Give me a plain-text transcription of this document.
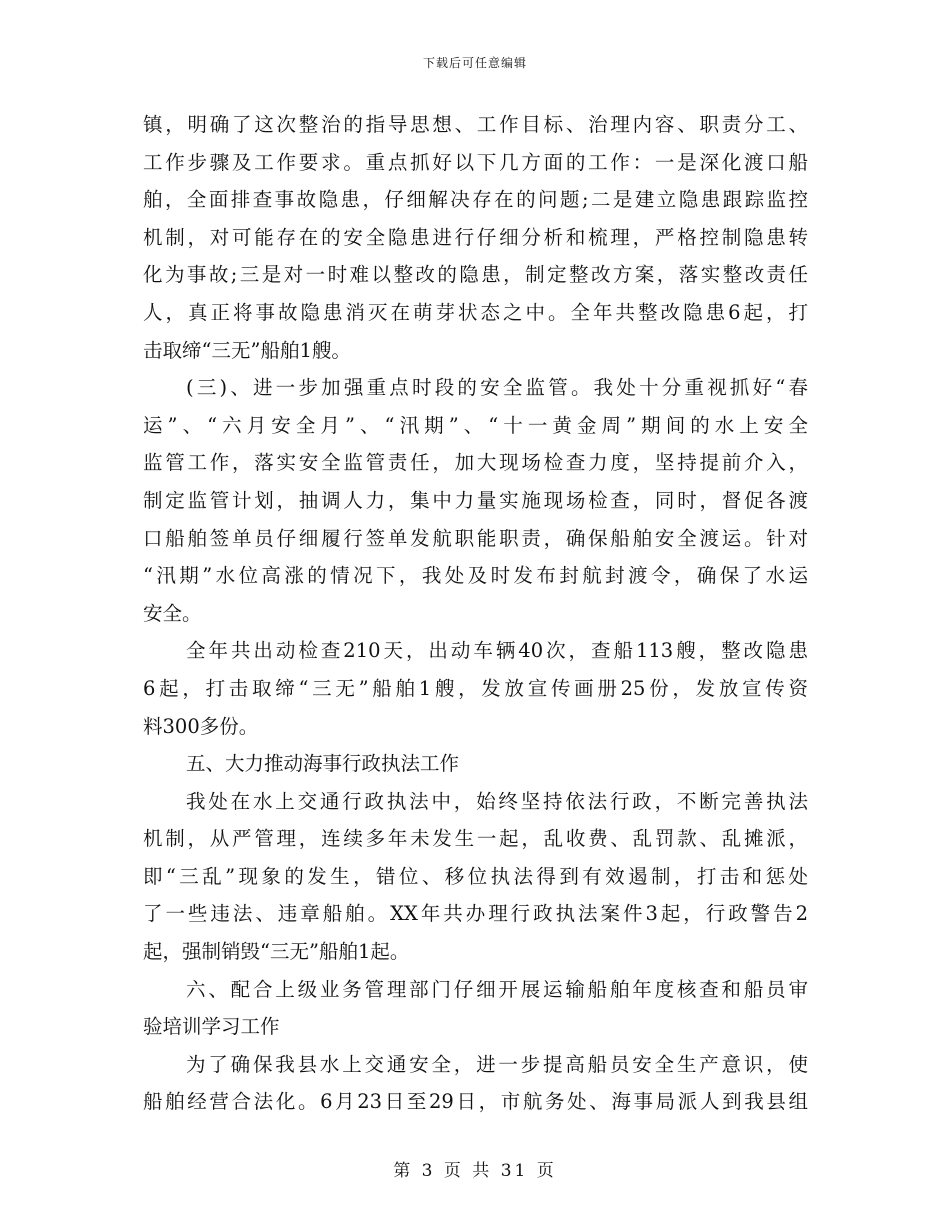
下载后可任意编辑
镇，明确了这次整治的指导思想、工作目标、治理内容、职责分工、
工作步骤及工作要求。重点抓好以下几方面的工作：一是深化渡口船
舶，全面排查事故隐患，仔细解决存在的问题;二是建立隐患跟踪监控
机制，对可能存在的安全隐患进行仔细分析和梳理，严格控制隐患转
化为事故;三是对一时难以整改的隐患，制定整改方案，落实整改责任
人，真正将事故隐患消灭在萌芽状态之中。全年共整改隐患6起，打
击取缔“三无”船舶1艘。
(三)、进一步加强重点时段的安全监管。我处十分重视抓好“春
运”、“六月安全月”、“汛期”、“十一黄金周”期间的水上安全
监管工作，落实安全监管责任，加大现场检查力度，坚持提前介入，
制定监管计划，抽调人力，集中力量实施现场检查，同时，督促各渡
口船舶签单员仔细履行签单发航职能职责，确保船舶安全渡运。针对
“汛期”水位高涨的情况下，我处及时发布封航封渡令，确保了水运
安全。
全年共出动检查210天，出动车辆40次，查船113艘，整改隐患
6起，打击取缔“三无”船舶1艘，发放宣传画册25份，发放宣传资
料300多份。
五、大力推动海事行政执法工作
我处在水上交通行政执法中，始终坚持依法行政，不断完善执法
机制，从严管理，连续多年未发生一起，乱收费、乱罚款、乱摊派，
即“三乱”现象的发生，错位、移位执法得到有效遏制，打击和惩处
了一些违法、违章船舶。XX年共办理行政执法案件3起，行政警告2
起，强制销毁“三无”船舶1起。
六、配合上级业务管理部门仔细开展运输船舶年度核查和船员审
验培训学习工作
为了确保我县水上交通安全，进一步提高船员安全生产意识，使
船舶经营合法化。6月23日至29日，市航务处、海事局派人到我县组
第 3 页 共 31 页
